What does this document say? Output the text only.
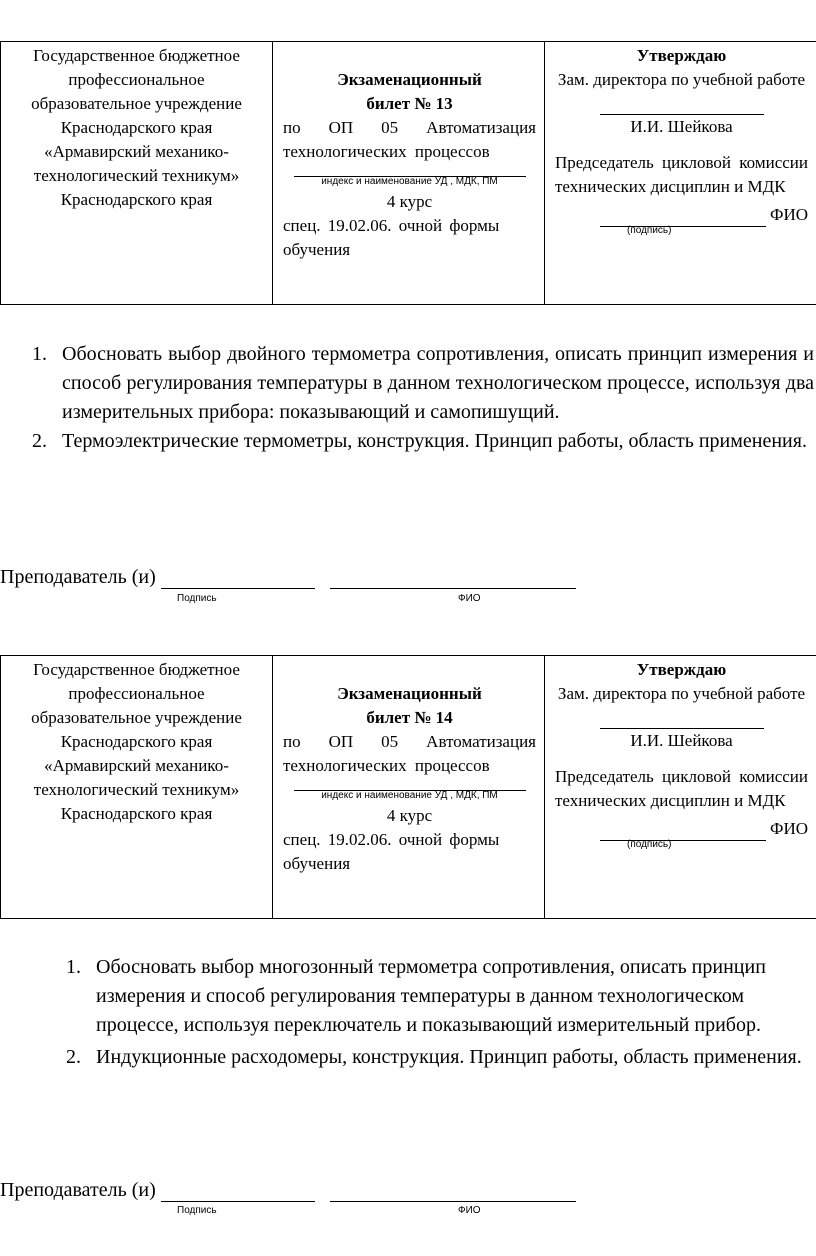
Государственное бюджетное профессиональное образовательное учреждение Краснодарского края «Армавирский механико-технологический техникум» Краснодарского края

Экзаменационный
билет № 13
по ОП 05 Автоматизация технологических процессов
индекс и наименование УД , МДК, ПМ
4 курс
спец. 19.02.06. очной формы обучения

Утверждаю
Зам. директора по учебной работе
И.И. Шейкова
Председатель цикловой комиссии технических дисциплин и МДК
ФИО
(подпись)
1. Обосновать выбор двойного термометра сопротивления, описать принцип измерения и способ регулирования температуры в данном технологическом процессе, используя два измерительных прибора: показывающий и самопишущий.
2. Термоэлектрические термометры, конструкция. Принцип работы, область применения.
Преподаватель (и)
Подпись	ФИО
Государственное бюджетное профессиональное образовательное учреждение Краснодарского края «Армавирский механико-технологический техникум» Краснодарского края

Экзаменационный
билет № 14
по ОП 05 Автоматизация технологических процессов
индекс и наименование УД , МДК, ПМ
4 курс
спец. 19.02.06. очной формы обучения

Утверждаю
Зам. директора по учебной работе
И.И. Шейкова
Председатель цикловой комиссии технических дисциплин и МДК
ФИО
(подпись)
1. Обосновать выбор многозонный термометра сопротивления, описать принцип измерения и способ регулирования температуры в данном технологическом процессе, используя переключатель и показывающий измерительный прибор.
2. Индукционные расходомеры, конструкция. Принцип работы, область применения.
Преподаватель (и)
Подпись	ФИО
